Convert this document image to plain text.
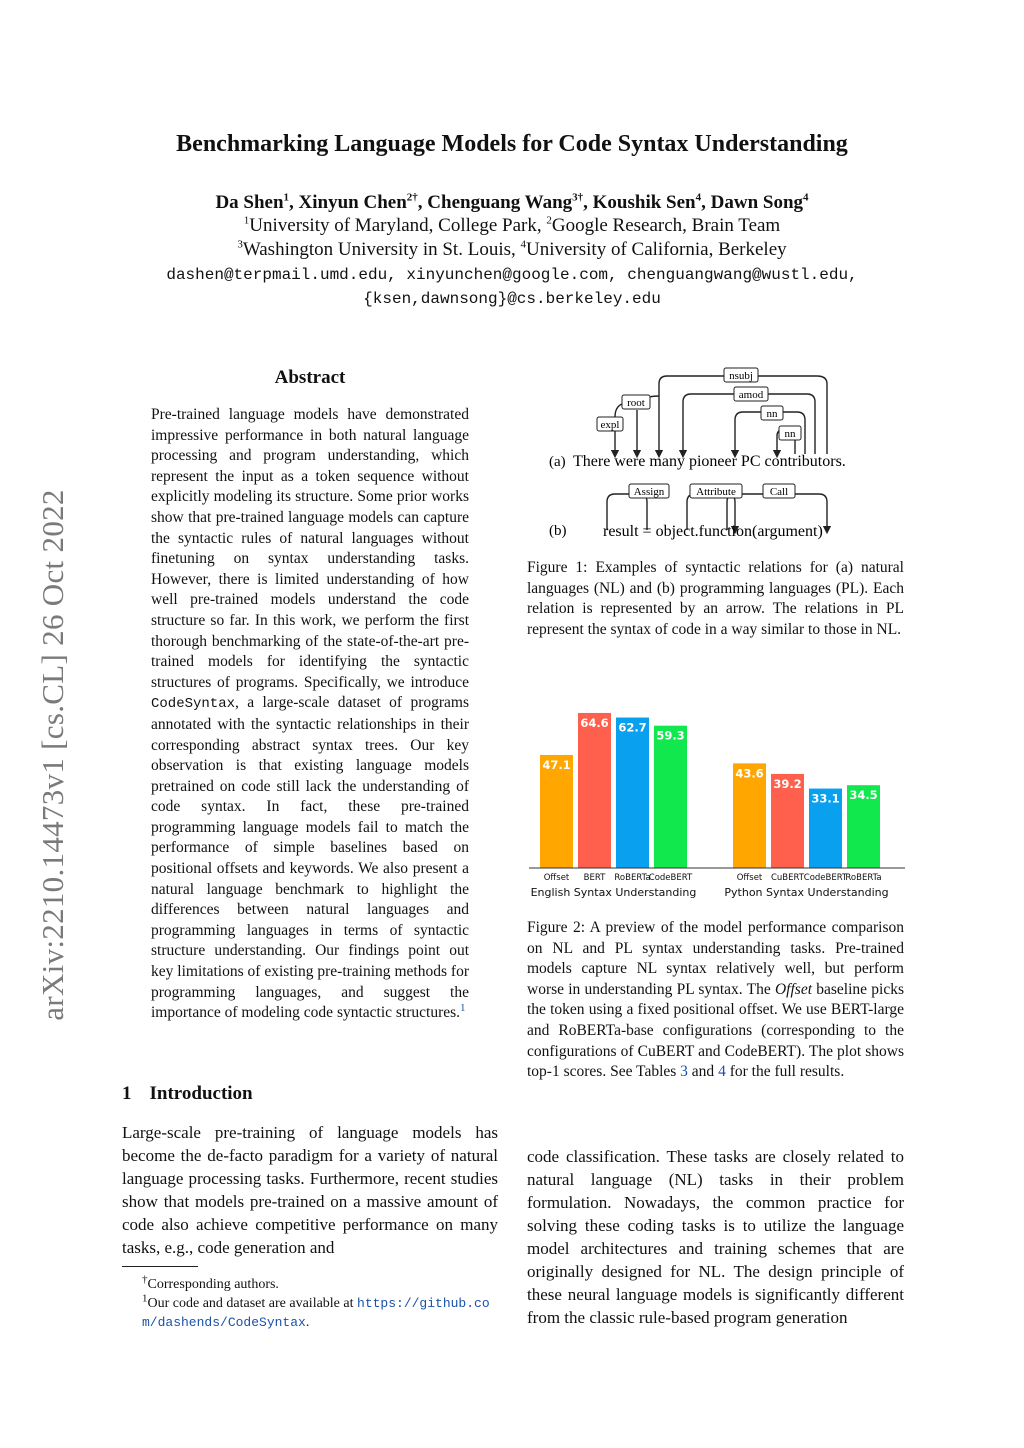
Benchmarking Language Models for Code Syntax Understanding
Da Shen$^1$, Xinyun Chen$^{2\dagger}$, Chenguang Wang$^{3\dagger}$, Koushik Sen$^4$, Dawn Song$^4$
$^1$University of Maryland, College Park, $^2$Google Research, Brain Team
$^3$Washington University in St. Louis, $^4$University of California, Berkeley
dashen@terpmail.umd.edu, xinyunchen@google.com, chenguangwang@wustl.edu,
{ksen,dawnsong}@cs.berkeley.edu
arXiv:2210.14473v1 [cs.CL] 26 Oct 2022
Abstract
Pre-trained language models have demonstrated impressive performance in both natural language processing and program understanding, which represent the input as a token sequence without explicitly modeling its structure. Some prior works show that pre-trained language models can capture the syntactic rules of natural languages without finetuning on syntax understanding tasks. However, there is limited understanding of how well pre-trained models understand the code structure so far. In this work, we perform the first thorough benchmarking of the state-of-the-art pre-trained models for identifying the syntactic structures of programs. Specifically, we introduce CodeSyntax, a large-scale dataset of programs annotated with the syntactic relationships in their corresponding abstract syntax trees. Our key observation is that existing language models pretrained on code still lack the understanding of code syntax. In fact, these pre-trained programming language models fail to match the performance of simple baselines based on positional offsets and keywords. We also present a natural language benchmark to highlight the differences between natural languages and programming languages in terms of syntactic structure understanding. Our findings point out key limitations of existing pre-training methods for programming languages, and suggest the importance of modeling code syntactic structures.$^1$
1 Introduction
Large-scale pre-training of language models has become the de-facto paradigm for a variety of natural language processing tasks. Furthermore, recent studies show that models pre-trained on a massive amount of code also achieve competitive performance on many tasks, e.g., code generation and
†Corresponding authors.
$^1$Our code and dataset are available at https://github.com/dashends/CodeSyntax.
nsubj
root
amod
expl
nn
nn
Assign	Attribute	Call
(a) There were many pioneer PC contributors.
(b) result = object.function(argument)
Figure 1: Examples of syntactic relations for (a) natural languages (NL) and (b) programming languages (PL). Each relation is represented by an arrow. The relations in PL represent the syntax of code in a way similar to those in NL.
47.1
Offset
64.6
BERT
62.7
RoBERTa
59.3
CodeBERT
English Syntax Understanding
43.6
Offset
39.2
CuBERT
33.1
CodeBERT
34.5
RoBERTa
Python Syntax Understanding
Figure 2: A preview of the model performance comparison on NL and PL syntax understanding tasks. Pre-trained models capture NL syntax relatively well, but perform worse in understanding PL syntax. The Offset baseline picks the token using a fixed positional offset. We use BERT-large and RoBERTa-base configurations (corresponding to the configurations of CuBERT and CodeBERT). The plot shows top-1 scores. See Tables 3 and 4 for the full results.
code classification. These tasks are closely related to natural language (NL) tasks in their problem formulation. Nowadays, the common practice for solving these coding tasks is to utilize the language model architectures and training schemes that are originally designed for NL. The design principle of these neural language models is significantly different from the classic rule-based program generation
